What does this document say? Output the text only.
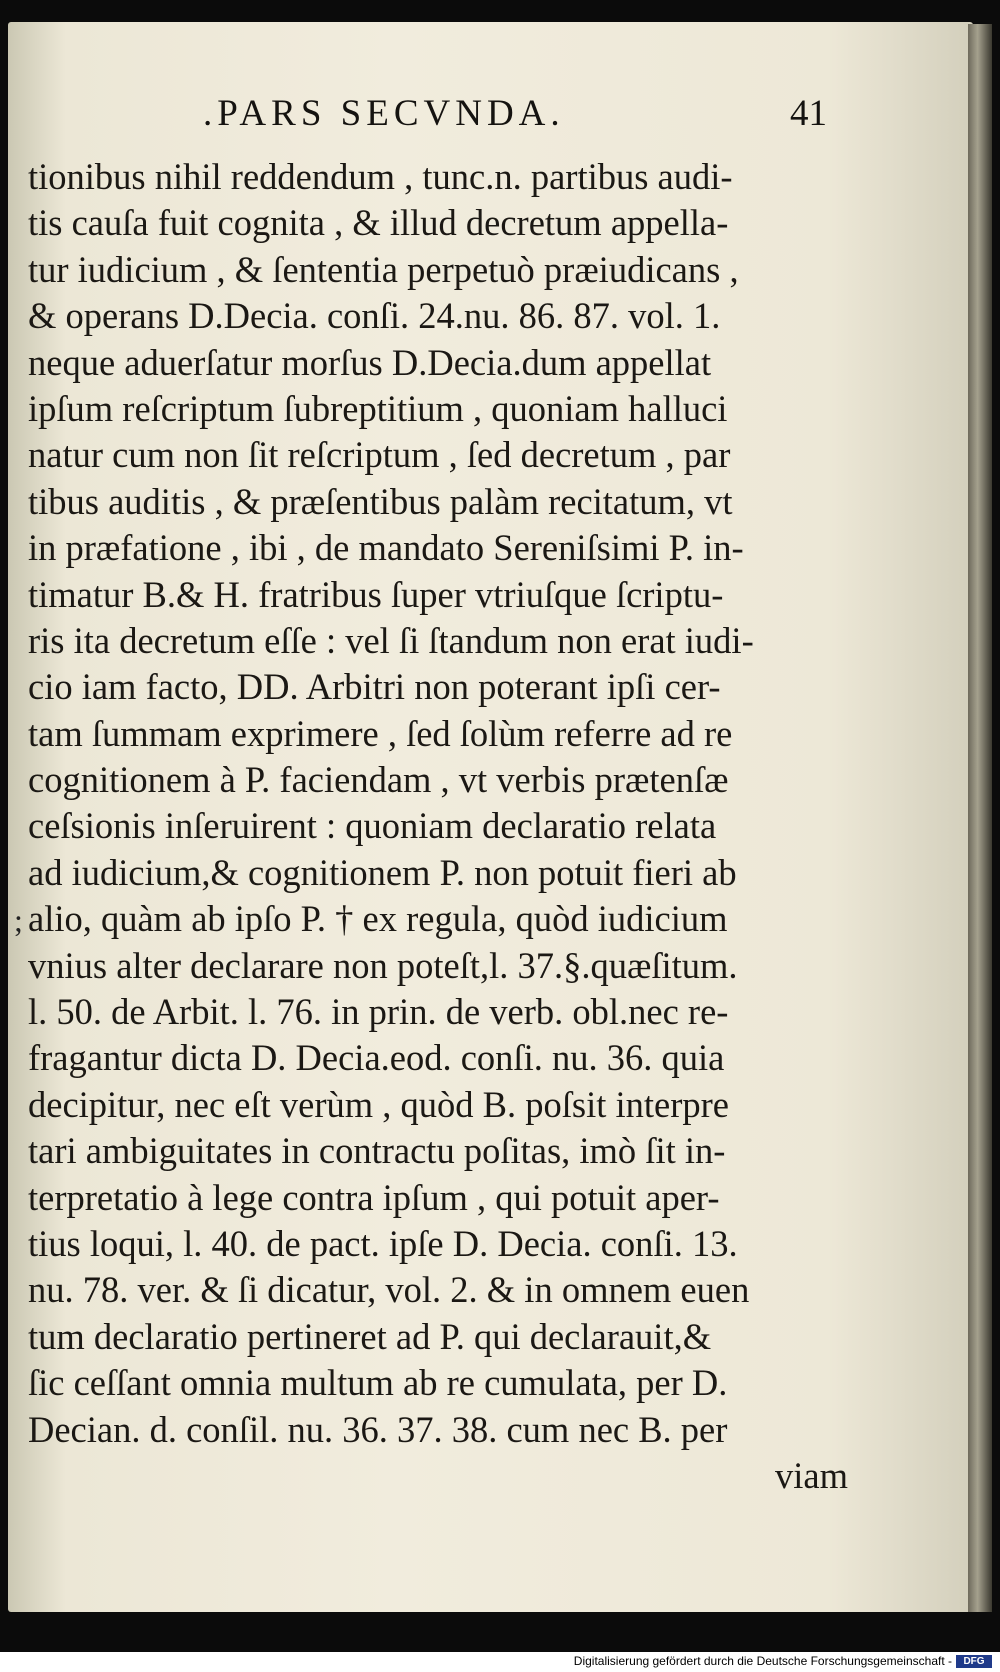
.PARS SECVNDA.	41
;
tionibus nihil reddendum , tunc.n. partibus audi-
tis cauſa fuit cognita , & illud decretum appella-
tur iudicium , & ſententia perpetuò præiudicans ,
& operans D.Decia. conſi. 24.nu. 86. 87. vol. 1.
neque aduerſatur morſus D.Decia.dum appellat
ipſum reſcriptum ſubreptitium , quoniam halluci
natur cum non ſit reſcriptum , ſed decretum , par
tibus auditis , & præſentibus palàm recitatum, vt
in præfatione , ibi , de mandato Sereniſsimi P. in-
timatur B.& H. fratribus ſuper vtriuſque ſcriptu-
ris ita decretum eſſe : vel ſi ſtandum non erat iudi-
cio iam facto, DD. Arbitri non poterant ipſi cer-
tam ſummam exprimere , ſed ſolùm referre ad re
cognitionem à P. faciendam , vt verbis prætenſæ
ceſsionis inſeruirent : quoniam declaratio relata
ad iudicium,& cognitionem P. non potuit fieri ab
alio, quàm ab ipſo P. † ex regula, quòd iudicium
vnius alter declarare non poteſt,l. 37.§.quæſitum.
l. 50. de Arbit. l. 76. in prin. de verb. obl.nec re-
fragantur dicta D. Decia.eod. conſi. nu. 36. quia
decipitur, nec eſt verùm , quòd B. poſsit interpre
tari ambiguitates in contractu poſitas, imò ſit in-
terpretatio à lege contra ipſum , qui potuit aper-
tius loqui, l. 40. de pact. ipſe D. Decia. conſi. 13.
nu. 78. ver. & ſi dicatur, vol. 2. & in omnem euen
tum declaratio pertineret ad P. qui declarauit,&
ſic ceſſant omnia multum ab re cumulata, per D.
Decian. d. conſil. nu. 36. 37. 38. cum nec B. per
viam
Digitalisierung gefördert durch die Deutsche Forschungsgemeinschaft -	DFG
